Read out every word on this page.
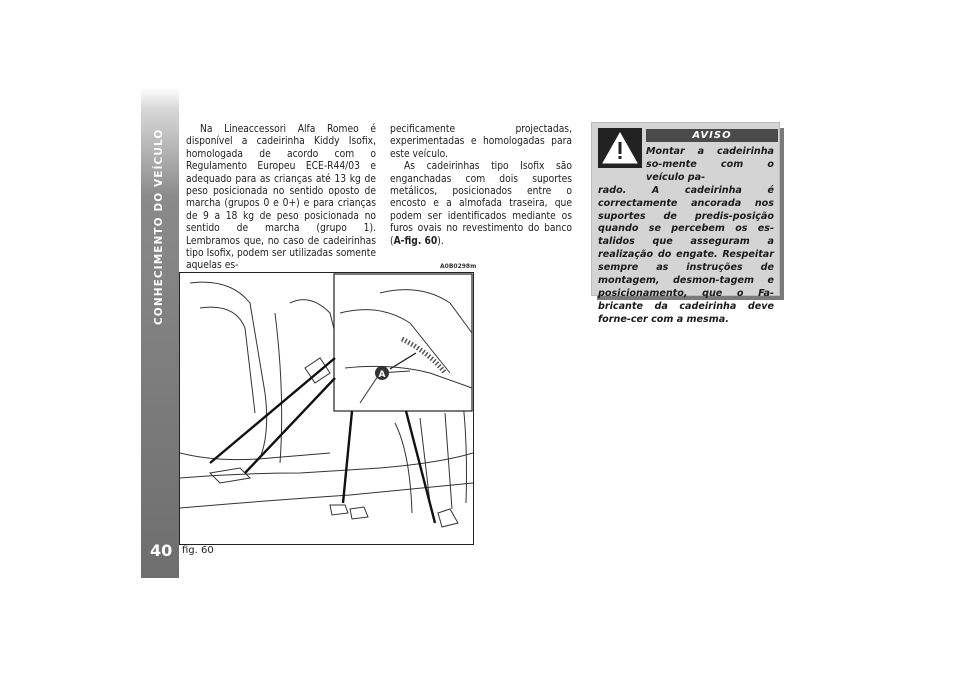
CONHECIMENTO DO VEÍCULO
40

Na Lineaccessori Alfa Romeo é disponível a cadeirinha Kiddy Isofix, homologada de acordo com o Regulamento Europeu ECE-R44/03 e adequado para as crianças até 13 kg de peso posicionada no sentido oposto de marcha (grupos 0 e 0+) e para crianças de 9 a 18 kg de peso posicionada no sentido de marcha (grupo 1). Lembramos que, no caso de cadeirinhas tipo Isofix, podem ser utilizadas somente aquelas es-

pecificamente projectadas, experimentadas e homologadas para este veículo.

As cadeirinhas tipo Isofix são enganchadas com dois suportes metálicos, posicionados entre o encosto e a almofada traseira, que podem ser identificados mediante os furos ovais no revestimento do banco (A-fig. 60).

A0B0298m
A
fig. 60
AVISO
Montar a cadeirinha so-mente com o veículo pa-
rado. A cadeirinha é correctamente ancorada nos suportes de predis-posição quando se percebem os es-talidos que asseguram a realização do engate. Respeitar sempre as instruções de montagem, desmon-tagem e posicionamento, que o Fa-bricante da cadeirinha deve forne-cer com a mesma.
